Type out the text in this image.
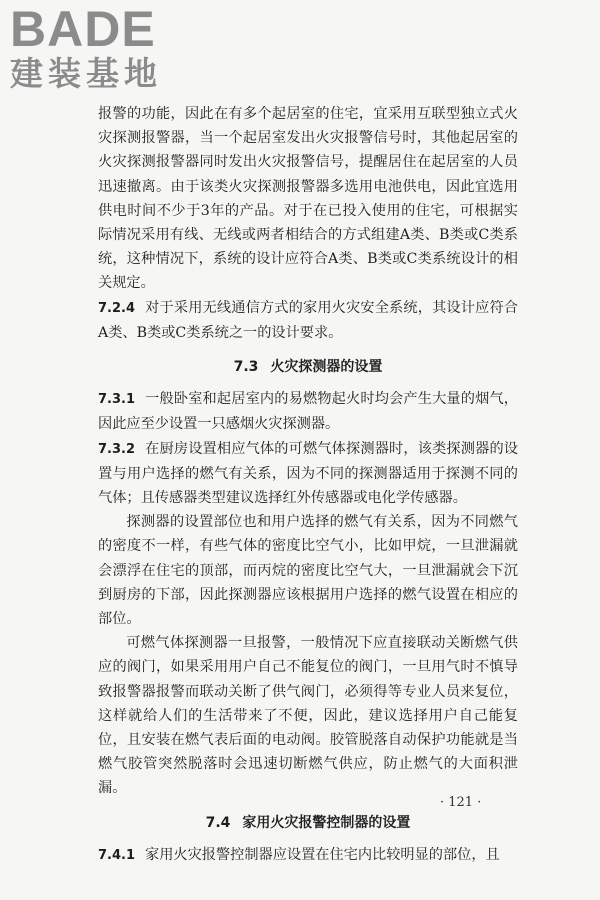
BADE
建装基地

报警的功能，因此在有多个起居室的住宅，宜采用互联型独立式火灾探测报警器，当一个起居室发出火灾报警信号时，其他起居室的火灾探测报警器同时发出火灾报警信号，提醒居住在起居室的人员迅速撤离。由于该类火灾探测报警器多选用电池供电，因此宜选用供电时间不少于3年的产品。对于在已投入使用的住宅，可根据实际情况采用有线、无线或两者相结合的方式组建A类、B类或C类系统，这种情况下，系统的设计应符合A类、B类或C类系统设计的相关规定。

7.2.4 对于采用无线通信方式的家用火灾安全系统，其设计应符合A类、B类或C类系统之一的设计要求。

7.3 火灾探测器的设置

7.3.1 一般卧室和起居室内的易燃物起火时均会产生大量的烟气，因此应至少设置一只感烟火灾探测器。

7.3.2 在厨房设置相应气体的可燃气体探测器时，该类探测器的设置与用户选择的燃气有关系，因为不同的探测器适用于探测不同的气体；且传感器类型建议选择红外传感器或电化学传感器。

探测器的设置部位也和用户选择的燃气有关系，因为不同燃气的密度不一样，有些气体的密度比空气小，比如甲烷，一旦泄漏就会漂浮在住宅的顶部，而丙烷的密度比空气大，一旦泄漏就会下沉到厨房的下部，因此探测器应该根据用户选择的燃气设置在相应的部位。

可燃气体探测器一旦报警，一般情况下应直接联动关断燃气供应的阀门，如果采用用户自己不能复位的阀门，一旦用气时不慎导致报警器报警而联动关断了供气阀门，必须得等专业人员来复位，这样就给人们的生活带来了不便，因此，建议选择用户自己能复位，且安装在燃气表后面的电动阀。胶管脱落自动保护功能就是当燃气胶管突然脱落时会迅速切断燃气供应，防止燃气的大面积泄漏。

7.4 家用火灾报警控制器的设置

7.4.1 家用火灾报警控制器应设置在住宅内比较明显的部位，且

· 121 ·
